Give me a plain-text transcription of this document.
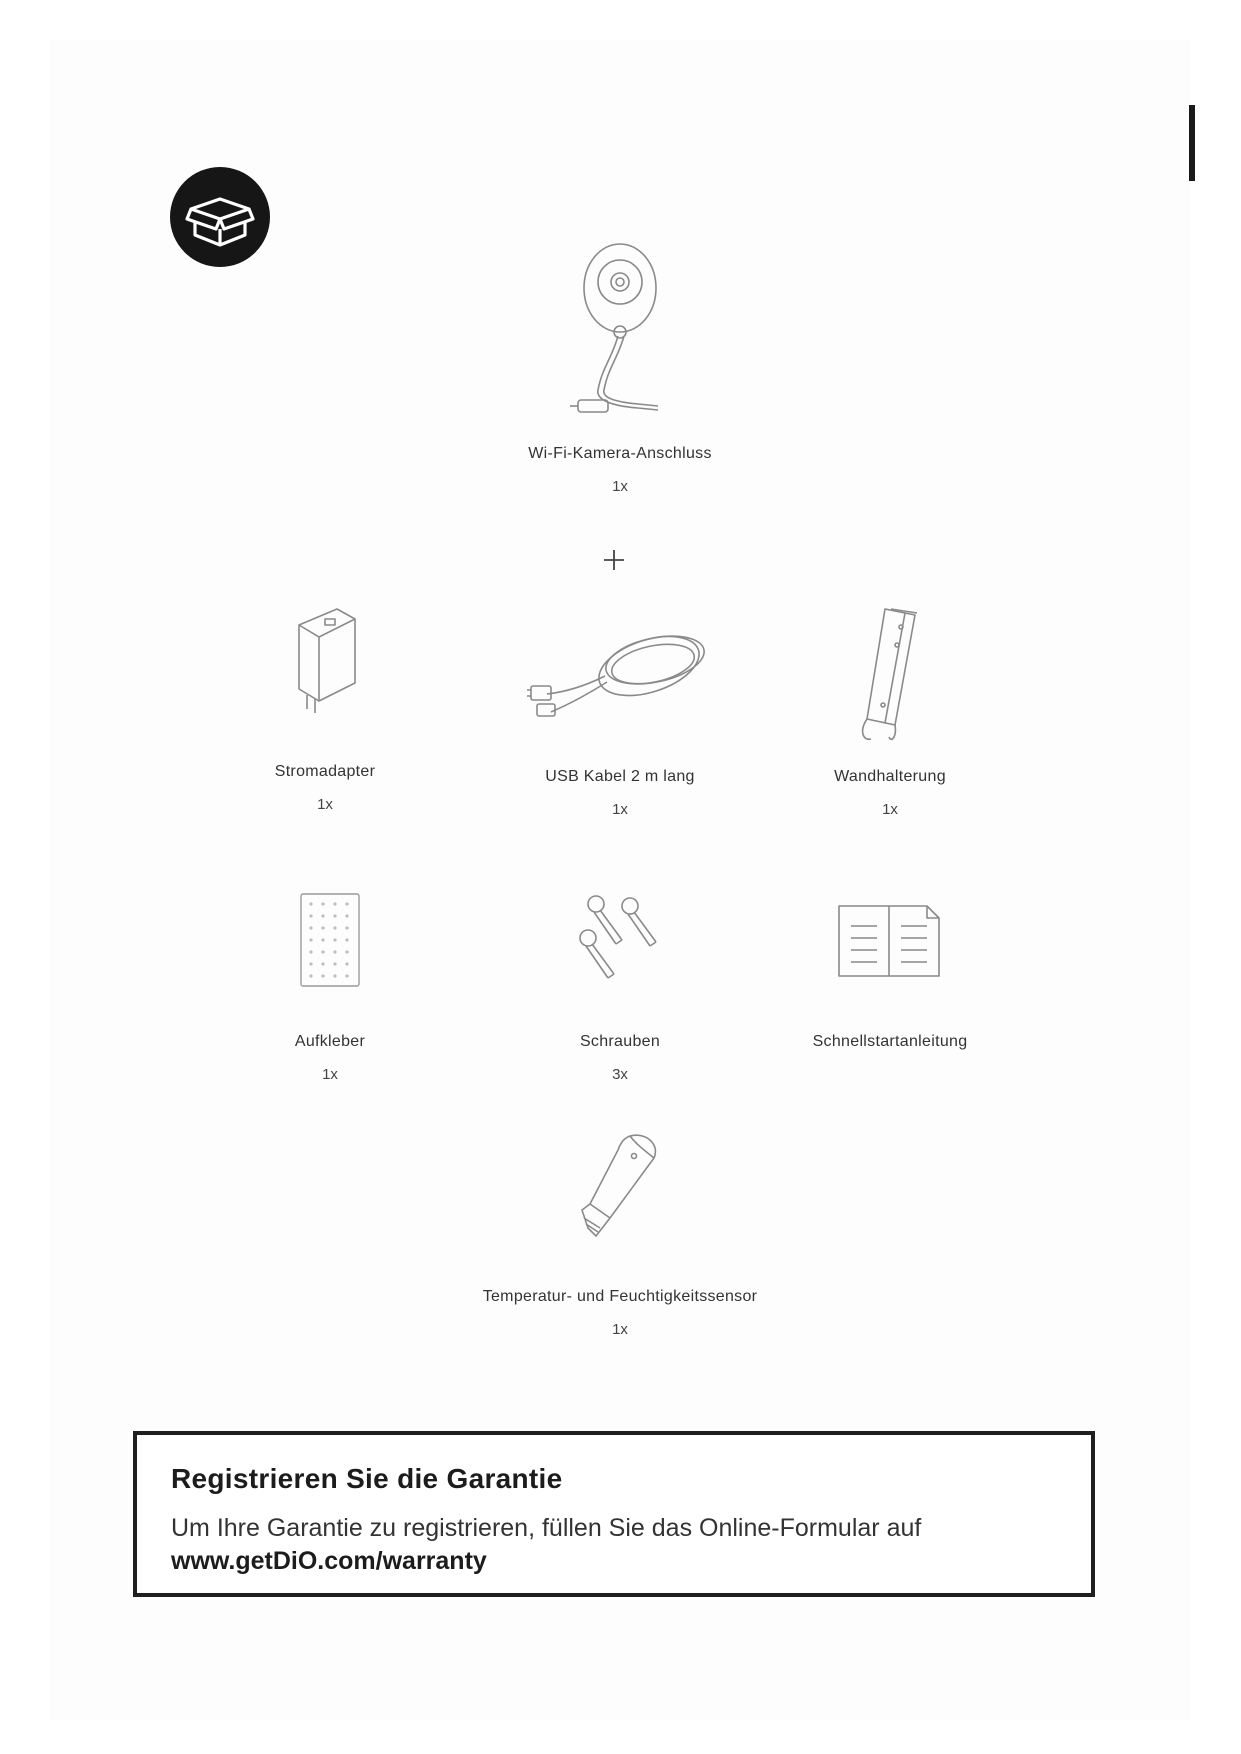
Wi-Fi-Kamera-Anschluss
1x
Stromadapter
1x
USB Kabel 2 m lang
1x
Wandhalterung
1x
Aufkleber
1x
Schrauben
3x
Schnellstartanleitung
Temperatur- und Feuchtigkeitssensor
1x
Registrieren Sie die Garantie
Um Ihre Garantie zu registrieren, füllen Sie das Online-Formular auf
www.getDiO.com/warranty
